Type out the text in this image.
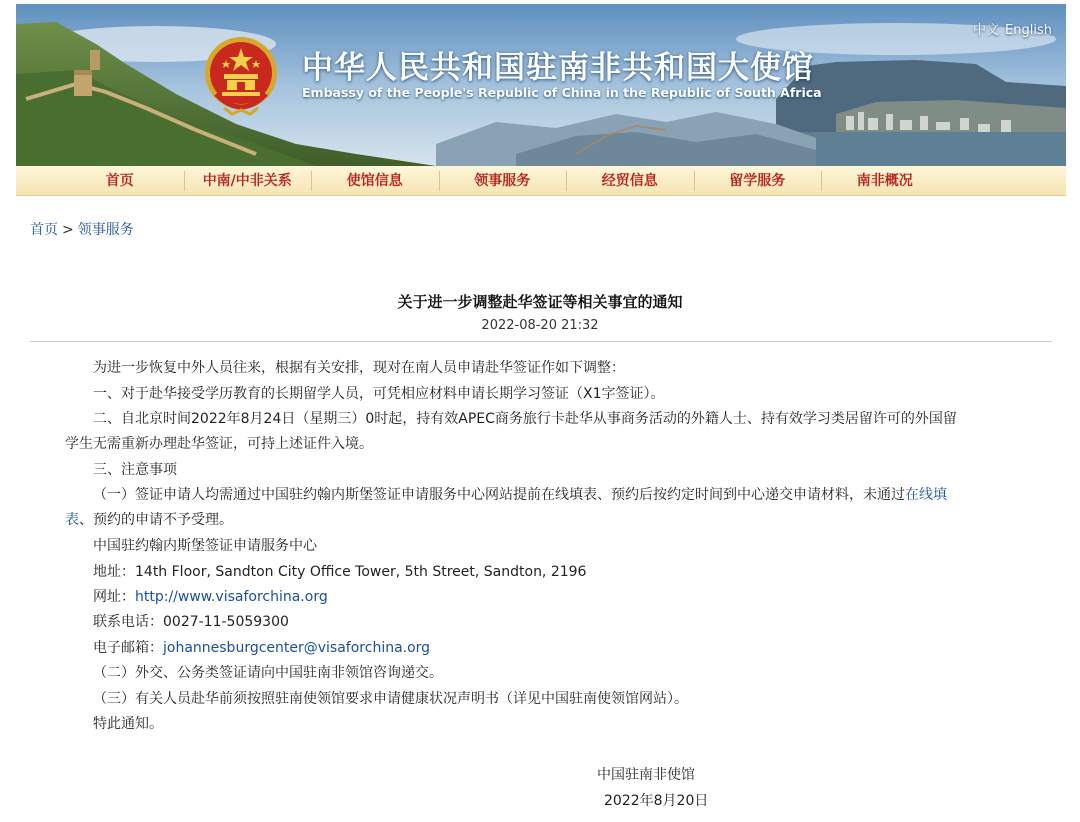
中华人民共和国驻南非共和国大使馆
Embassy of the People's Republic of China in the Republic of South Africa
中文 English
首页	中南/中非关系	使馆信息	领事服务	经贸信息	留学服务	南非概况
首页 > 领事服务
关于进一步调整赴华签证等相关事宜的通知
2022-08-20 21:32
为进一步恢复中外人员往来，根据有关安排，现对在南人员申请赴华签证作如下调整：
一、对于赴华接受学历教育的长期留学人员，可凭相应材料申请长期学习签证（X1字签证）。
二、自北京时间2022年8月24日（星期三）0时起，持有效APEC商务旅行卡赴华从事商务活动的外籍人士、持有效学习类居留许可的外国留
学生无需重新办理赴华签证，可持上述证件入境。
三、注意事项
（一）签证申请人均需通过中国驻约翰内斯堡签证申请服务中心网站提前在线填表、预约后按约定时间到中心递交申请材料，未通过在线填
表、预约的申请不予受理。
中国驻约翰内斯堡签证申请服务中心
地址：14th Floor, Sandton City Office Tower, 5th Street, Sandton, 2196
网址：http://www.visaforchina.org
联系电话：0027-11-5059300
电子邮箱：johannesburgcenter@visaforchina.org
（二）外交、公务类签证请向中国驻南非领馆咨询递交。
（三）有关人员赴华前须按照驻南使领馆要求申请健康状况声明书（详见中国驻南使领馆网站）。
特此通知。
中国驻南非使馆
2022年8月20日
